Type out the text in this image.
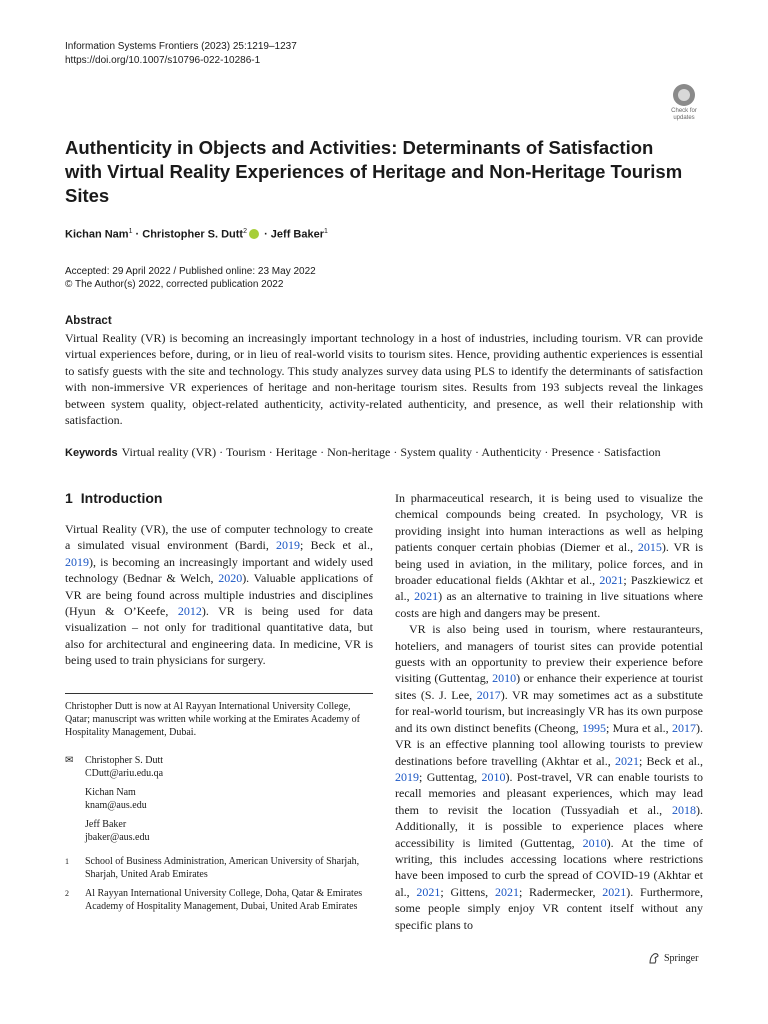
Information Systems Frontiers (2023) 25:1219–1237
https://doi.org/10.1007/s10796-022-10286-1
Check for
updates
Authenticity in Objects and Activities: Determinants of Satisfaction with Virtual Reality Experiences of Heritage and Non-Heritage Tourism Sites
Kichan Nam$^1$ · Christopher S. Dutt$^2$ · Jeff Baker$^1$
Accepted: 29 April 2022 / Published online: 23 May 2022
© The Author(s) 2022, corrected publication 2022
Abstract
Virtual Reality (VR) is becoming an increasingly important technology in a host of industries, including tourism. VR can provide virtual experiences before, during, or in lieu of real-world visits to tourism sites. Hence, providing authentic experiences is essential to satisfy guests with the site and technology. This study analyzes survey data using PLS to identify the determinants of satisfaction with non-immersive VR experiences of heritage and non-heritage tourism sites. Results from 193 subjects reveal the linkages between system quality, object-related authenticity, activity-related authenticity, and presence, as well their relationship with satisfaction.
Keywords Virtual reality (VR) · Tourism · Heritage · Non-heritage · System quality · Authenticity · Presence · Satisfaction
1 Introduction

Virtual Reality (VR), the use of computer technology to create a simulated visual environment (Bardi, 2019; Beck et al., 2019), is becoming an increasingly important and widely used technology (Bednar & Welch, 2020). Valuable applications of VR are being found across multiple industries and disciplines (Hyun & O’Keefe, 2012). VR is being used for data visualization – not only for traditional quantitative data, but also for architectural and engineering data. In medicine, VR is being used to train physicians for surgery.

Christopher Dutt is now at Al Rayyan International University College, Qatar; manuscript was written while working at the Emirates Academy of Hospitality Management, Dubai.
✉ Christopher S. Dutt
CDutt@ariu.edu.qa
Kichan Nam
knam@aus.edu
Jeff Baker
jbaker@aus.edu
1 School of Business Administration, American University of Sharjah, Sharjah, United Arab Emirates
2 Al Rayyan International University College, Doha, Qatar & Emirates Academy of Hospitality Management, Dubai, United Arab Emirates

In pharmaceutical research, it is being used to visualize the chemical compounds being created. In psychology, VR is providing insight into human interactions as well as helping patients conquer certain phobias (Diemer et al., 2015). VR is being used in aviation, in the military, police forces, and in broader educational fields (Akhtar et al., 2021; Paszkiewicz et al., 2021) as an alternative to training in live situations where costs are high and dangers may be present.

VR is also being used in tourism, where restauranteurs, hoteliers, and managers of tourist sites can provide potential guests with an opportunity to preview their experience before visiting (Guttentag, 2010) or enhance their experience at tourist sites (S. J. Lee, 2017). VR may sometimes act as a substitute for real-world tourism, but increasingly VR has its own purpose and its own distinct benefits (Cheong, 1995; Mura et al., 2017). VR is an effective planning tool allowing tourists to preview destinations before travelling (Akhtar et al., 2021; Beck et al., 2019; Guttentag, 2010). Post-travel, VR can enable tourists to recall memories and pleasant experiences, which may lead them to revisit the location (Tussyadiah et al., 2018). Additionally, it is possible to experience places where accessibility is limited (Guttentag, 2010). At the time of writing, this includes accessing locations where restrictions have been imposed to curb the spread of COVID-19 (Akhtar et al., 2021; Gittens, 2021; Radermecker, 2021). Furthermore, some people simply enjoy VR content itself without any specific plans to

Springer
